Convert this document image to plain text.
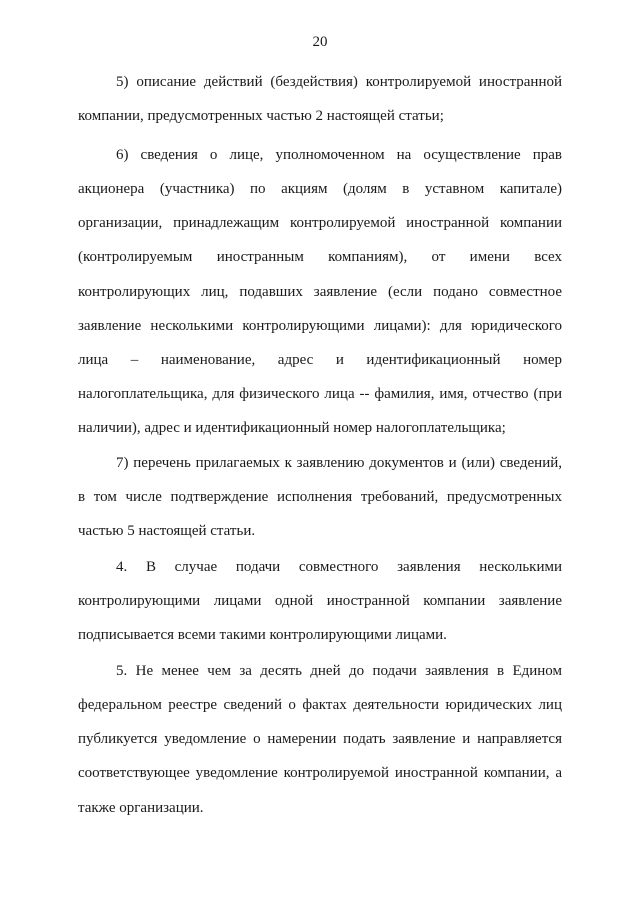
20
5) описание действий (бездействия) контролируемой иностранной
компании, предусмотренных частью 2 настоящей статьи;
6) сведения о лице, уполномоченном на осуществление прав
акционера (участника) по акциям (долям в уставном капитале)
организации, принадлежащим контролируемой иностранной компании
(контролируемым иностранным компаниям), от имени всех
контролирующих лиц, подавших заявление (если подано совместное
заявление несколькими контролирующими лицами): для юридического
лица – наименование, адрес и идентификационный номер
налогоплательщика, для физического лица -- фамилия, имя, отчество (при
наличии), адрес и идентификационный номер налогоплательщика;
7) перечень прилагаемых к заявлению документов и (или) сведений,
в том числе подтверждение исполнения требований, предусмотренных
частью 5 настоящей статьи.
4. В случае подачи совместного заявления несколькими
контролирующими лицами одной иностранной компании заявление
подписывается всеми такими контролирующими лицами.
5. Не менее чем за десять дней до подачи заявления в Едином
федеральном реестре сведений о фактах деятельности юридических лиц
публикуется уведомление о намерении подать заявление и направляется
соответствующее уведомление контролируемой иностранной компании, а
также организации.
